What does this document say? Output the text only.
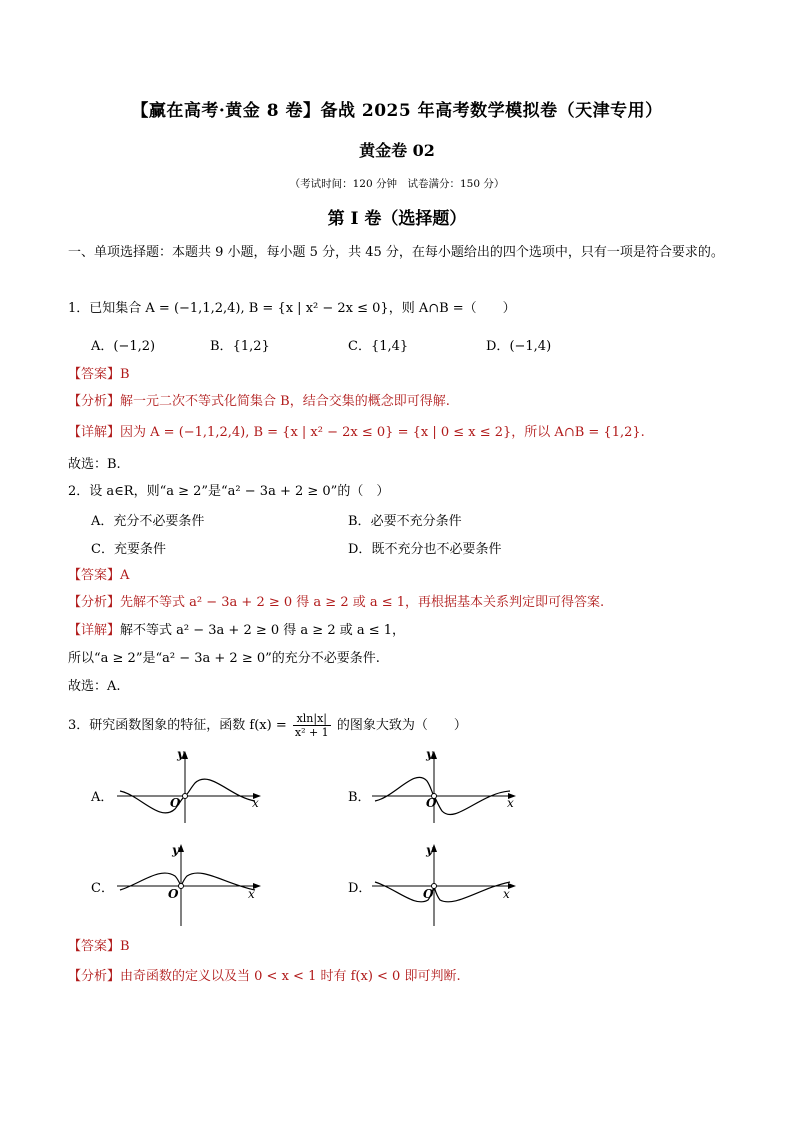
【赢在高考·黄金 8 卷】备战 2025 年高考数学模拟卷（天津专用）
黄金卷 02
（考试时间：120 分钟　试卷满分：150 分）
第 I 卷（选择题）
一、单项选择题：本题共 9 小题，每小题 5 分，共 45 分，在每小题给出的四个选项中，只有一项是符合要求的。
1．已知集合 A = (−1,1,2,4), B = {x | x² − 2x ≤ 0}，则 A∩B =（　　）
A．(−1,2)	B．{1,2}	C．{1,4}	D．(−1,4)
【答案】B
【分析】解一元二次不等式化简集合 B，结合交集的概念即可得解.
【详解】因为 A = (−1,1,2,4), B = {x | x² − 2x ≤ 0} = {x | 0 ≤ x ≤ 2}，所以 A∩B = {1,2}.
故选：B.
2．设 a∈R，则“a ≥ 2”是“a² − 3a + 2 ≥ 0”的（　）
A．充分不必要条件	B．必要不充分条件
C．充要条件	D．既不充分也不必要条件
【答案】A
【分析】先解不等式 a² − 3a + 2 ≥ 0 得 a ≥ 2 或 a ≤ 1，再根据基本关系判定即可得答案.
【详解】解不等式 a² − 3a + 2 ≥ 0 得 a ≥ 2 或 a ≤ 1，
所以“a ≥ 2”是“a² − 3a + 2 ≥ 0”的充分不必要条件.
故选：A.
3．研究函数图象的特征，函数 $f(x) = \frac{xln|x|}{\text{x² + 1}}$ 的图象大致为（　　）
A．
y
x
O	B．
y
x
O
C．
y
x
O	D．
y
x
O
【答案】B
【分析】由奇函数的定义以及当 0 < x < 1 时有 f(x) < 0 即可判断.
